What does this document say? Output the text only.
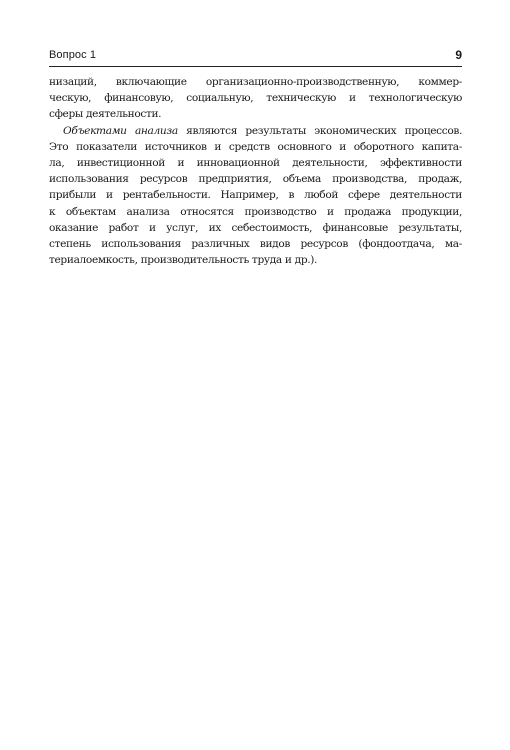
Вопрос 1	9
низаций, включающие организационно-производственную, коммер-
ческую, финансовую, социальную, техническую и технологическую
сферы деятельности.
Объектами анализа являются результаты экономических процессов.
Это показатели источников и средств основного и оборотного капита-
ла, инвестиционной и инновационной деятельности, эффективности
использования ресурсов предприятия, объема производства, продаж,
прибыли и рентабельности. Например, в любой сфере деятельности
к объектам анализа относятся производство и продажа продукции,
оказание работ и услуг, их себестоимость, финансовые результаты,
степень использования различных видов ресурсов (фондоотдача, ма-
териалоемкость, производительность труда и др.).
